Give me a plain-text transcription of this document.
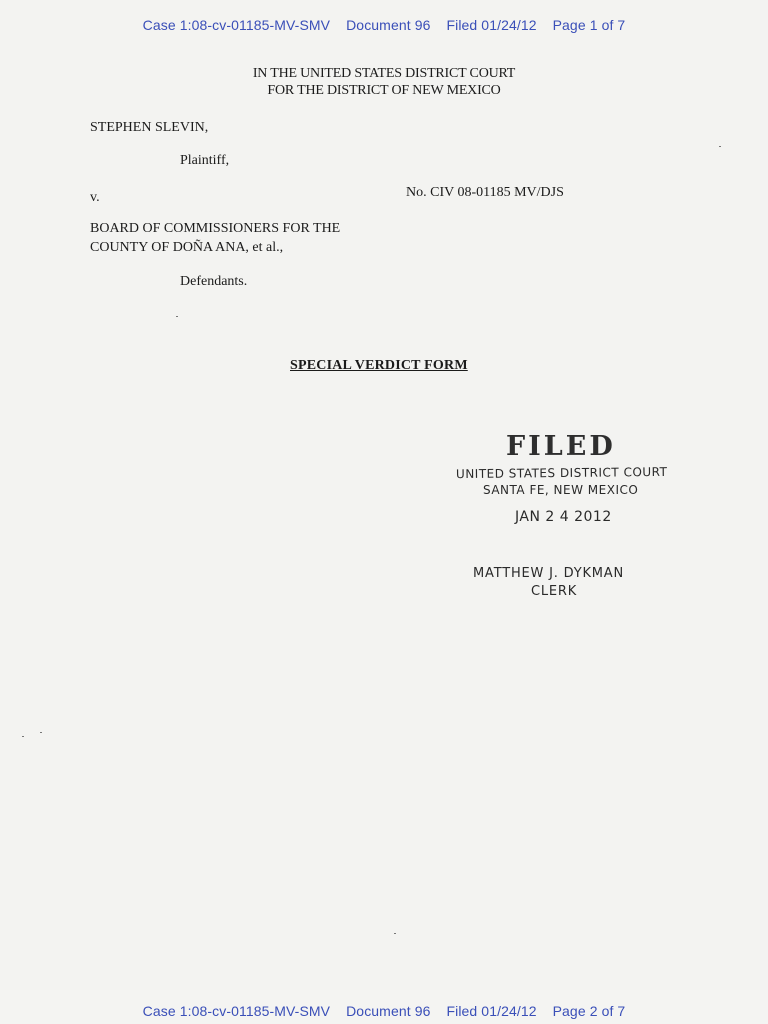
Case 1:08-cv-01185-MV-SMV Document 96 Filed 01/24/12 Page 1 of 7
IN THE UNITED STATES DISTRICT COURT
FOR THE DISTRICT OF NEW MEXICO
STEPHEN SLEVIN,
Plaintiff,
v.	No. CIV 08-01185 MV/DJS
BOARD OF COMMISSIONERS FOR THE
COUNTY OF DOÑA ANA, et al.,
Defendants.
SPECIAL VERDICT FORM
FILED
UNITED STATES DISTRICT COURT
SANTA FE, NEW MEXICO
JAN 2 4 2012
MATTHEW J. DYKMAN
CLERK
Case 1:08-cv-01185-MV-SMV Document 96 Filed 01/24/12 Page 2 of 7
